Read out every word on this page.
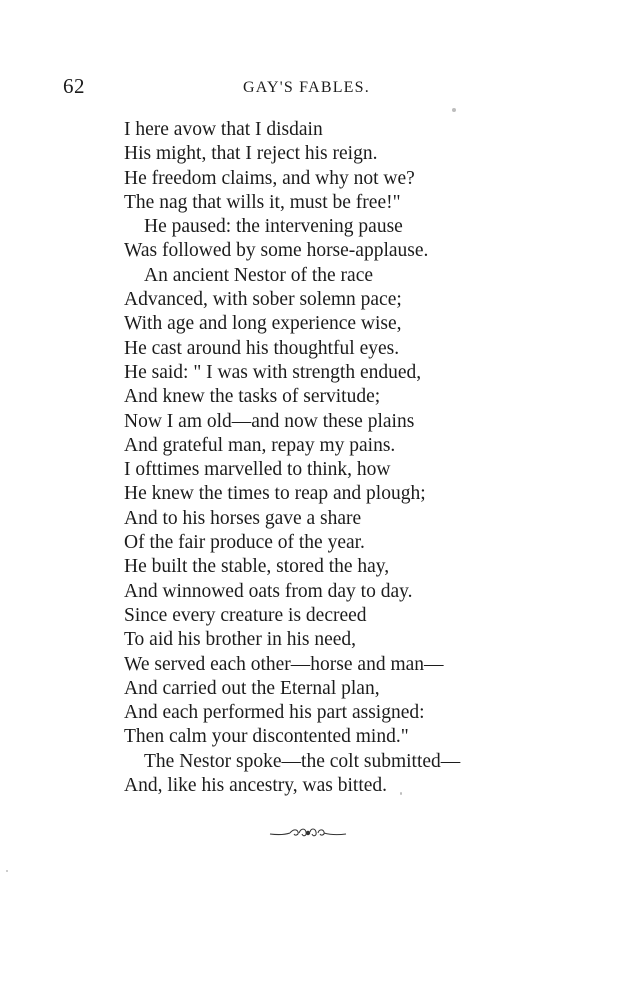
62	GAY'S FABLES.
I here avow that I disdain
His might, that I reject his reign.
He freedom claims, and why not we?
The nag that wills it, must be free!"
He paused: the intervening pause
Was followed by some horse-applause.
An ancient Nestor of the race
Advanced, with sober solemn pace;
With age and long experience wise,
He cast around his thoughtful eyes.
He said: " I was with strength endued,
And knew the tasks of servitude;
Now I am old—and now these plains
And grateful man, repay my pains.
I ofttimes marvelled to think, how
He knew the times to reap and plough;
And to his horses gave a share
Of the fair produce of the year.
He built the stable, stored the hay,
And winnowed oats from day to day.
Since every creature is decreed
To aid his brother in his need,
We served each other—horse and man—
And carried out the Eternal plan,
And each performed his part assigned:
Then calm your discontented mind."
The Nestor spoke—the colt submitted—
And, like his ancestry, was bitted.
